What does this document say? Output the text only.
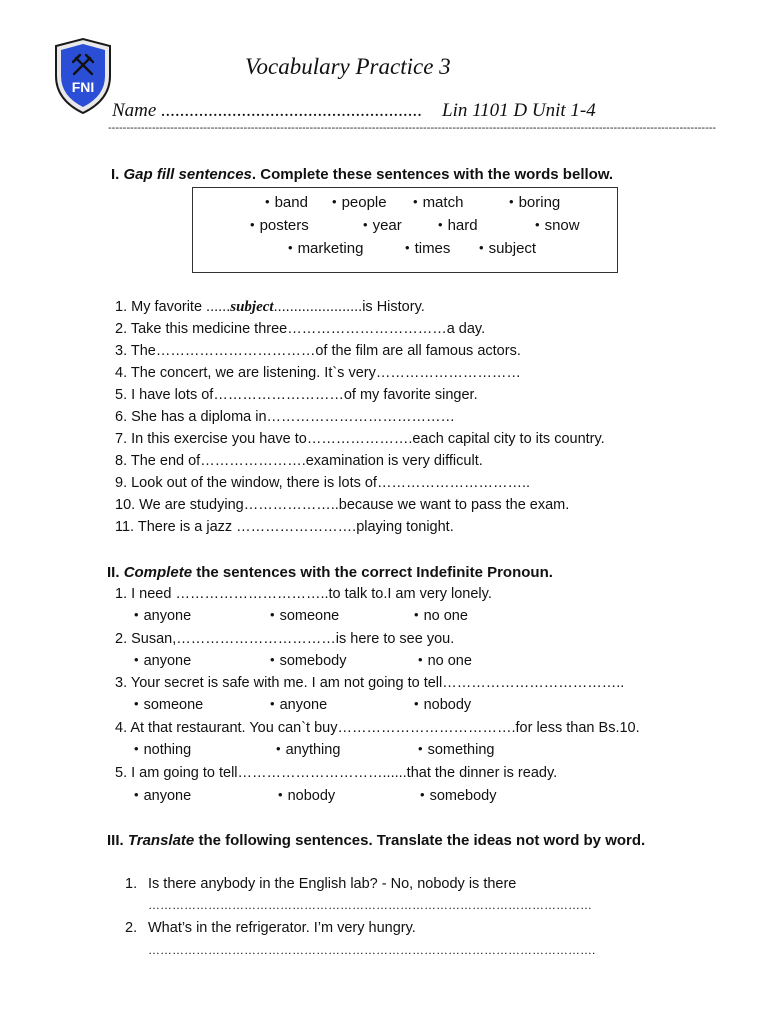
FNI
Vocabulary Practice 3
Name ....................................................... Lin 1101 D Unit 1-4
----------------------------------------------------------------------------------------------------------------------------------------------------------------------
I. Gap fill sentences. Complete these sentences with the words bellow.
• band	• people	• match	• boring
• posters	• year	• hard	• snow
• marketing	• times	• subject
1. My favorite ......subject......................is History.
2. Take this medicine three……………………………a day.
3. The……………………………of the film are all famous actors.
4. The concert, we are listening. It`s very…………………………
5. I have lots of………………………of my favorite singer.
6. She has a diploma in…………………………………
7. In this exercise you have to………………….each capital city to its country.
8. The end of………………….examination is very difficult.
9. Look out of the window, there is lots of…………………………..
10. We are studying………………..because we want to pass the exam.
11. There is a jazz …………………….playing tonight.
II. Complete the sentences with the correct Indefinite Pronoun.
1. I need …………………………..to talk to.I am very lonely.
• anyone	• someone	• no one
2. Susan,……………………………is here to see you.
• anyone	• somebody	• no one
3. Your secret is safe with me. I am not going to tell………………………………..
• someone	• anyone	• nobody
4. At that restaurant. You can`t buy……………………………….for less than Bs.10.
• nothing	• anything	• something
5. I am going to tell…………………………......that the dinner is ready.
• anyone	• nobody	• somebody
III. Translate the following sentences. Translate the ideas not word by word.
1. Is there anybody in the English lab? - No, nobody is there
…………………………………………………………………………………………………
2. What’s in the refrigerator. I’m very hungry.
………………………………………………………………………………………………….
